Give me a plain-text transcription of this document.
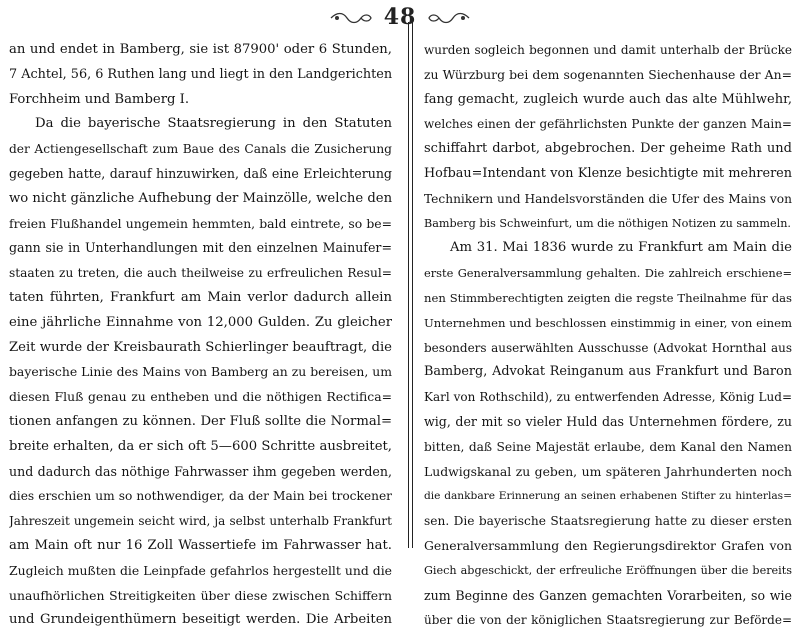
48
an und endet in Bamberg, sie ist 87900' oder 6 Stunden,
7 Achtel, 56, 6 Ruthen lang und liegt in den Landgerichten
Forchheim und Bamberg I.
Da die bayerische Staatsregierung in den Statuten
der Actiengesellschaft zum Baue des Canals die Zusicherung
gegeben hatte, darauf hinzuwirken, daß eine Erleichterung
wo nicht gänzliche Aufhebung der Mainzölle, welche den
freien Flußhandel ungemein hemmten, bald eintrete, so be=
gann sie in Unterhandlungen mit den einzelnen Mainufer=
staaten zu treten, die auch theilweise zu erfreulichen Resul=
taten führten, Frankfurt am Main verlor dadurch allein
eine jährliche Einnahme von 12,000 Gulden. Zu gleicher
Zeit wurde der Kreisbaurath Schierlinger beauftragt, die
bayerische Linie des Mains von Bamberg an zu bereisen, um
diesen Fluß genau zu entheben und die nöthigen Rectifica=
tionen anfangen zu können. Der Fluß sollte die Normal=
breite erhalten, da er sich oft 5—600 Schritte ausbreitet,
und dadurch das nöthige Fahrwasser ihm gegeben werden,
dies erschien um so nothwendiger, da der Main bei trockener
Jahreszeit ungemein seicht wird, ja selbst unterhalb Frankfurt
am Main oft nur 16 Zoll Wassertiefe im Fahrwasser hat.
Zugleich mußten die Leinpfade gefahrlos hergestellt und die
unaufhörlichen Streitigkeiten über diese zwischen Schiffern
und Grundeigenthümern beseitigt werden. Die Arbeiten
wurden sogleich begonnen und damit unterhalb der Brücke
zu Würzburg bei dem sogenannten Siechenhause der An=
fang gemacht, zugleich wurde auch das alte Mühlwehr,
welches einen der gefährlichsten Punkte der ganzen Main=
schiffahrt darbot, abgebrochen. Der geheime Rath und
Hofbau=Intendant von Klenze besichtigte mit mehreren
Technikern und Handelsvorständen die Ufer des Mains von
Bamberg bis Schweinfurt, um die nöthigen Notizen zu sammeln.
Am 31. Mai 1836 wurde zu Frankfurt am Main die
erste Generalversammlung gehalten. Die zahlreich erschiene=
nen Stimmberechtigten zeigten die regste Theilnahme für das
Unternehmen und beschlossen einstimmig in einer, von einem
besonders auserwählten Ausschusse (Advokat Hornthal aus
Bamberg, Advokat Reinganum aus Frankfurt und Baron
Karl von Rothschild), zu entwerfenden Adresse, König Lud=
wig, der mit so vieler Huld das Unternehmen fördere, zu
bitten, daß Seine Majestät erlaube, dem Kanal den Namen
Ludwigskanal zu geben, um späteren Jahrhunderten noch
die dankbare Erinnerung an seinen erhabenen Stifter zu hinterlas=
sen. Die bayerische Staatsregierung hatte zu dieser ersten
Generalversammlung den Regierungsdirektor Grafen von
Giech abgeschickt, der erfreuliche Eröffnungen über die bereits
zum Beginne des Ganzen gemachten Vorarbeiten, so wie
über die von der königlichen Staatsregierung zur Beförde=
